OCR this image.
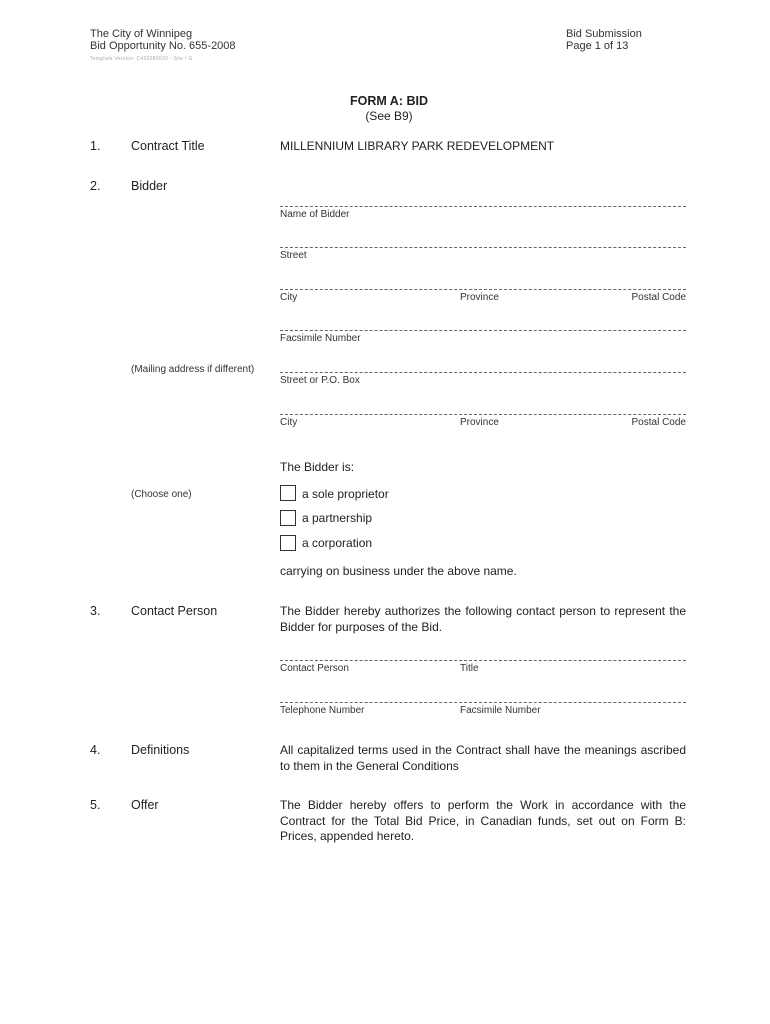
The City of Winnipeg
Bid Opportunity No. 655-2008
Template Version: C420080520 - Site / G
Bid Submission
Page 1 of 13
FORM A: BID
(See B9)
1. Contract Title	MILLENNIUM LIBRARY PARK REDEVELOPMENT
2. Bidder
Name of Bidder
Street
City	Province	Postal Code
Facsimile Number
(Mailing address if different)
Street or P.O. Box
City	Province	Postal Code
The Bidder is:
(Choose one)	a sole proprietor
a partnership
a corporation
carrying on business under the above name.
3. Contact Person	The Bidder hereby authorizes the following contact person to represent the Bidder for purposes of the Bid.
Contact Person	Title
Telephone Number	Facsimile Number
4. Definitions	All capitalized terms used in the Contract shall have the meanings ascribed to them in the General Conditions
5. Offer	The Bidder hereby offers to perform the Work in accordance with the Contract for the Total Bid Price, in Canadian funds, set out on Form B: Prices, appended hereto.
